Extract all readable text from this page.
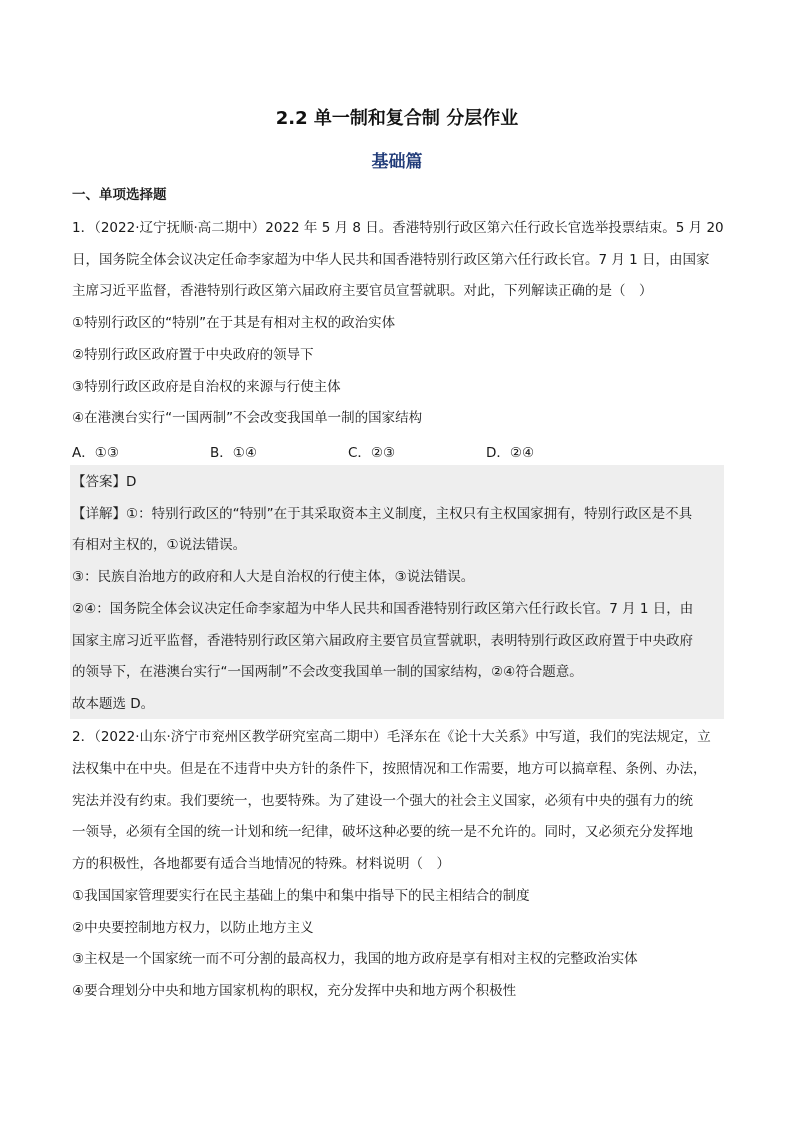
2.2 单一制和复合制 分层作业
基础篇
一、单项选择题
1．（2022·辽宁抚顺·高二期中）2022 年 5 月 8 日。香港特别行政区第六任行政长官选举投票结束。5 月 20
日，国务院全体会议决定任命李家超为中华人民共和国香港特别行政区第六任行政长官。7 月 1 日，由国家
主席习近平监督，香港特别行政区第六届政府主要官员宣誓就职。对此，下列解读正确的是（　）
①特别行政区的“特别”在于其是有相对主权的政治实体
②特别行政区政府置于中央政府的领导下
③特别行政区政府是自治权的来源与行使主体
④在港澳台实行“一国两制”不会改变我国单一制的国家结构
A．①③	B．①④	C．②③	D．②④
【答案】D
【详解】①：特别行政区的“特别”在于其采取资本主义制度，主权只有主权国家拥有，特别行政区是不具
有相对主权的，①说法错误。
③：民族自治地方的政府和人大是自治权的行使主体，③说法错误。
②④：国务院全体会议决定任命李家超为中华人民共和国香港特别行政区第六任行政长官。7 月 1 日，由
国家主席习近平监督，香港特别行政区第六届政府主要官员宣誓就职，表明特别行政区政府置于中央政府
的领导下，在港澳台实行“一国两制”不会改变我国单一制的国家结构，②④符合题意。
故本题选 D。
2．（2022·山东·济宁市兖州区教学研究室高二期中）毛泽东在《论十大关系》中写道，我们的宪法规定，立
法权集中在中央。但是在不违背中央方针的条件下，按照情况和工作需要，地方可以搞章程、条例、办法，
宪法并没有约束。我们要统一，也要特殊。为了建设一个强大的社会主义国家，必须有中央的强有力的统
一领导，必须有全国的统一计划和统一纪律，破坏这种必要的统一是不允许的。同时，又必须充分发挥地
方的积极性，各地都要有适合当地情况的特殊。材料说明（　）
①我国国家管理要实行在民主基础上的集中和集中指导下的民主相结合的制度
②中央要控制地方权力，以防止地方主义
③主权是一个国家统一而不可分割的最高权力，我国的地方政府是享有相对主权的完整政治实体
④要合理划分中央和地方国家机构的职权，充分发挥中央和地方两个积极性
